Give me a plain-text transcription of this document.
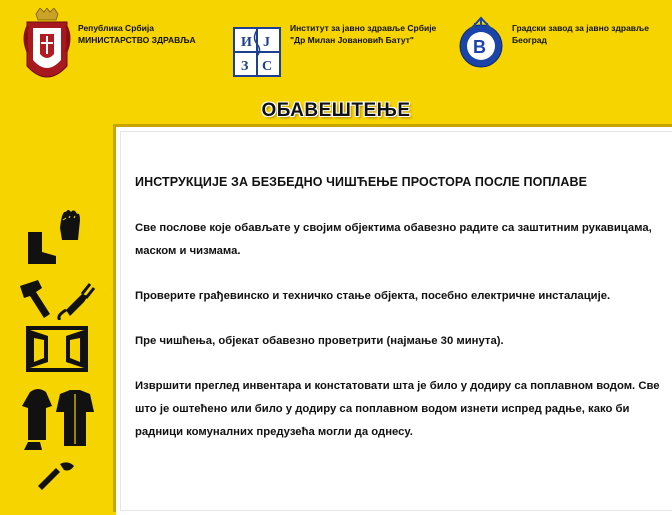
Република Србија
МИНИСТАРСТВО ЗДРАВЉА	И Ј
З С
Институт за јавно здравље Србије
"Др Милан Јовановић Батут"	В
Градски завод за јавно здравље
Београд
ОБАВЕШТЕЊЕ
ИНСТРУКЦИЈЕ ЗА БЕЗБЕДНО ЧИШЋЕЊЕ ПРОСТОРА ПОСЛЕ ПОПЛАВЕ

Све послове које обављате у својим објектима обавезно радите са заштитним рукавицама, маском и чизмама.

Проверите грађевинско и техничко стање објекта, посебно електричне инсталације.

Пре чишћења, објекат обавезно проветрити (најмање 30 минута).

Извршити преглед инвентара и констатовати шта је било у додиру са поплавном водом. Све што је оштећено или било у додиру са поплавном водом изнети испред радње, како би радници комуналних предузећа могли да однесу.
